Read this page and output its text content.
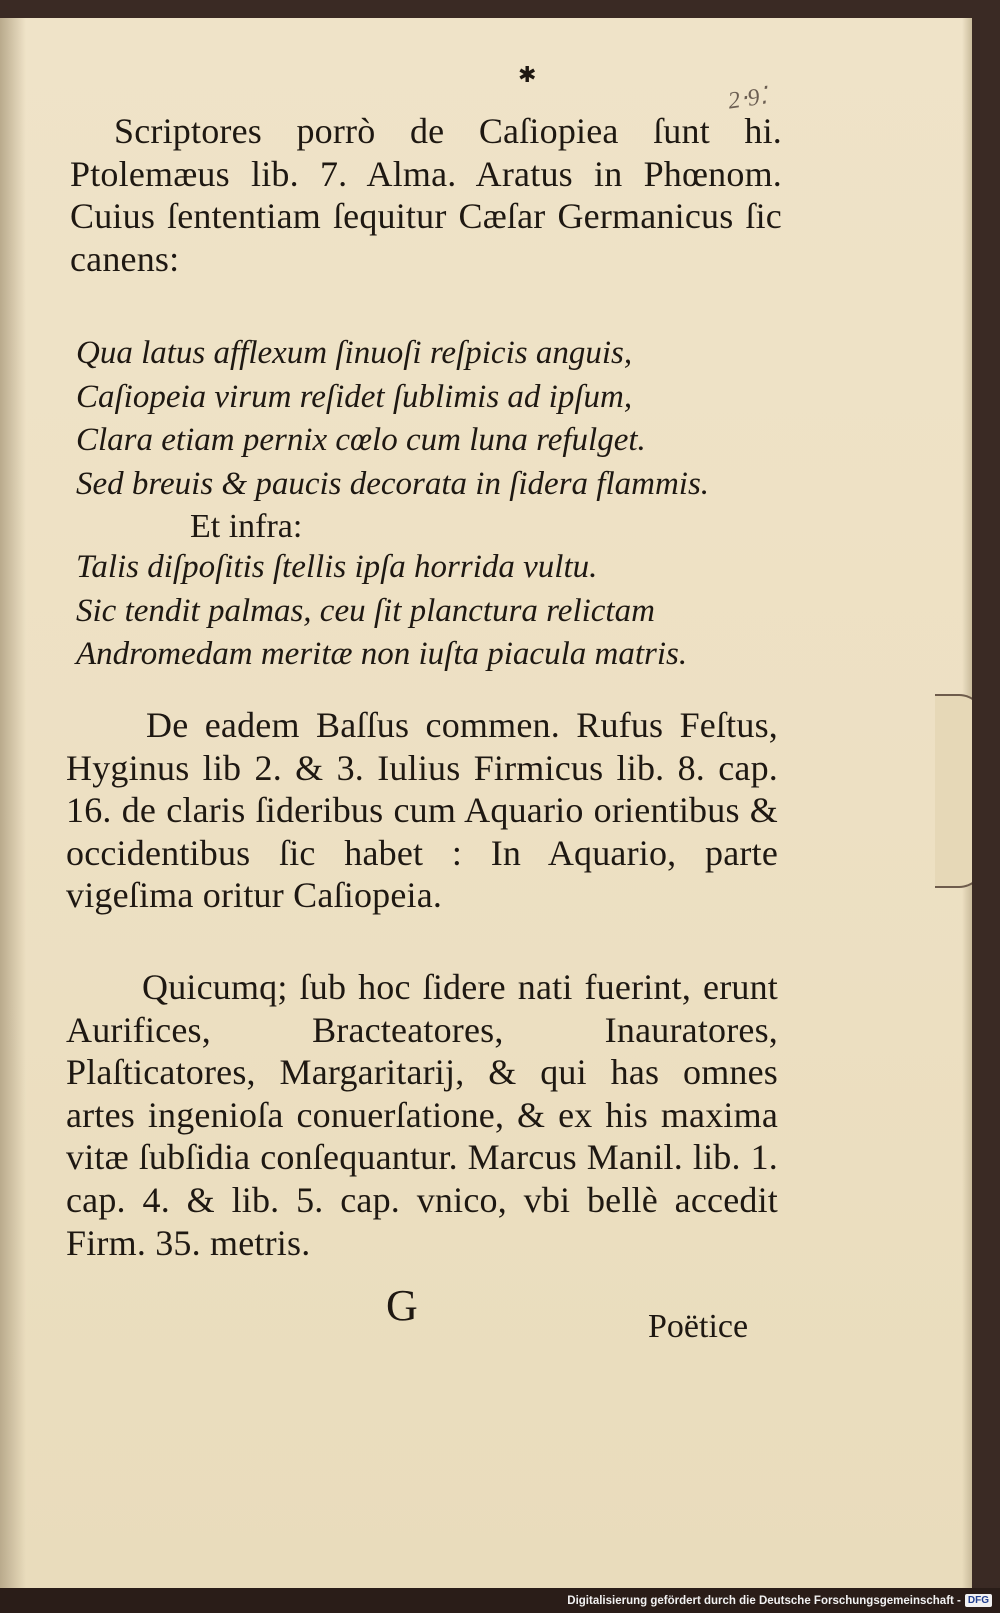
✱
2‧9⁚

Scriptores porrò de Caſiopiea ſunt hi. Ptolemæus lib. 7. Alma. Aratus in Phœnom. Cuius ſententiam ſequitur Cæſar Germanicus ſic canens:

Qua latus afflexum ſinuoſi reſpicis anguis,
Caſiopeia virum reſidet ſublimis ad ipſum,
Clara etiam pernix cœlo cum luna refulget.
Sed breuis & paucis decorata in ſidera flammis.
Et infra:
Talis diſpoſitis ſtellis ipſa horrida vultu.
Sic tendit palmas, ceu ſit planctura relictam
Andromedam meritæ non iuſta piacula matris.

De eadem Baſſus commen. Rufus Feſtus, Hyginus lib 2. & 3. Iulius Firmicus lib. 8. cap. 16. de claris ſideribus cum Aquario orientibus & occidentibus ſic habet : In Aquario, parte vigeſima oritur Caſiopeia.

Quicumq; ſub hoc ſidere nati fuerint, erunt Aurifices, Bracteatores, Inauratores, Plaſticatores, Margaritarij, & qui has omnes artes ingenioſa conuerſatione, & ex his maxima vitæ ſubſidia conſequantur. Marcus Manil. lib. 1. cap. 4. & lib. 5. cap. vnico, vbi bellè accedit Firm. 35. metris.

G	Poëtice
Digitalisierung gefördert durch die Deutsche Forschungsgemeinschaft - DFG
